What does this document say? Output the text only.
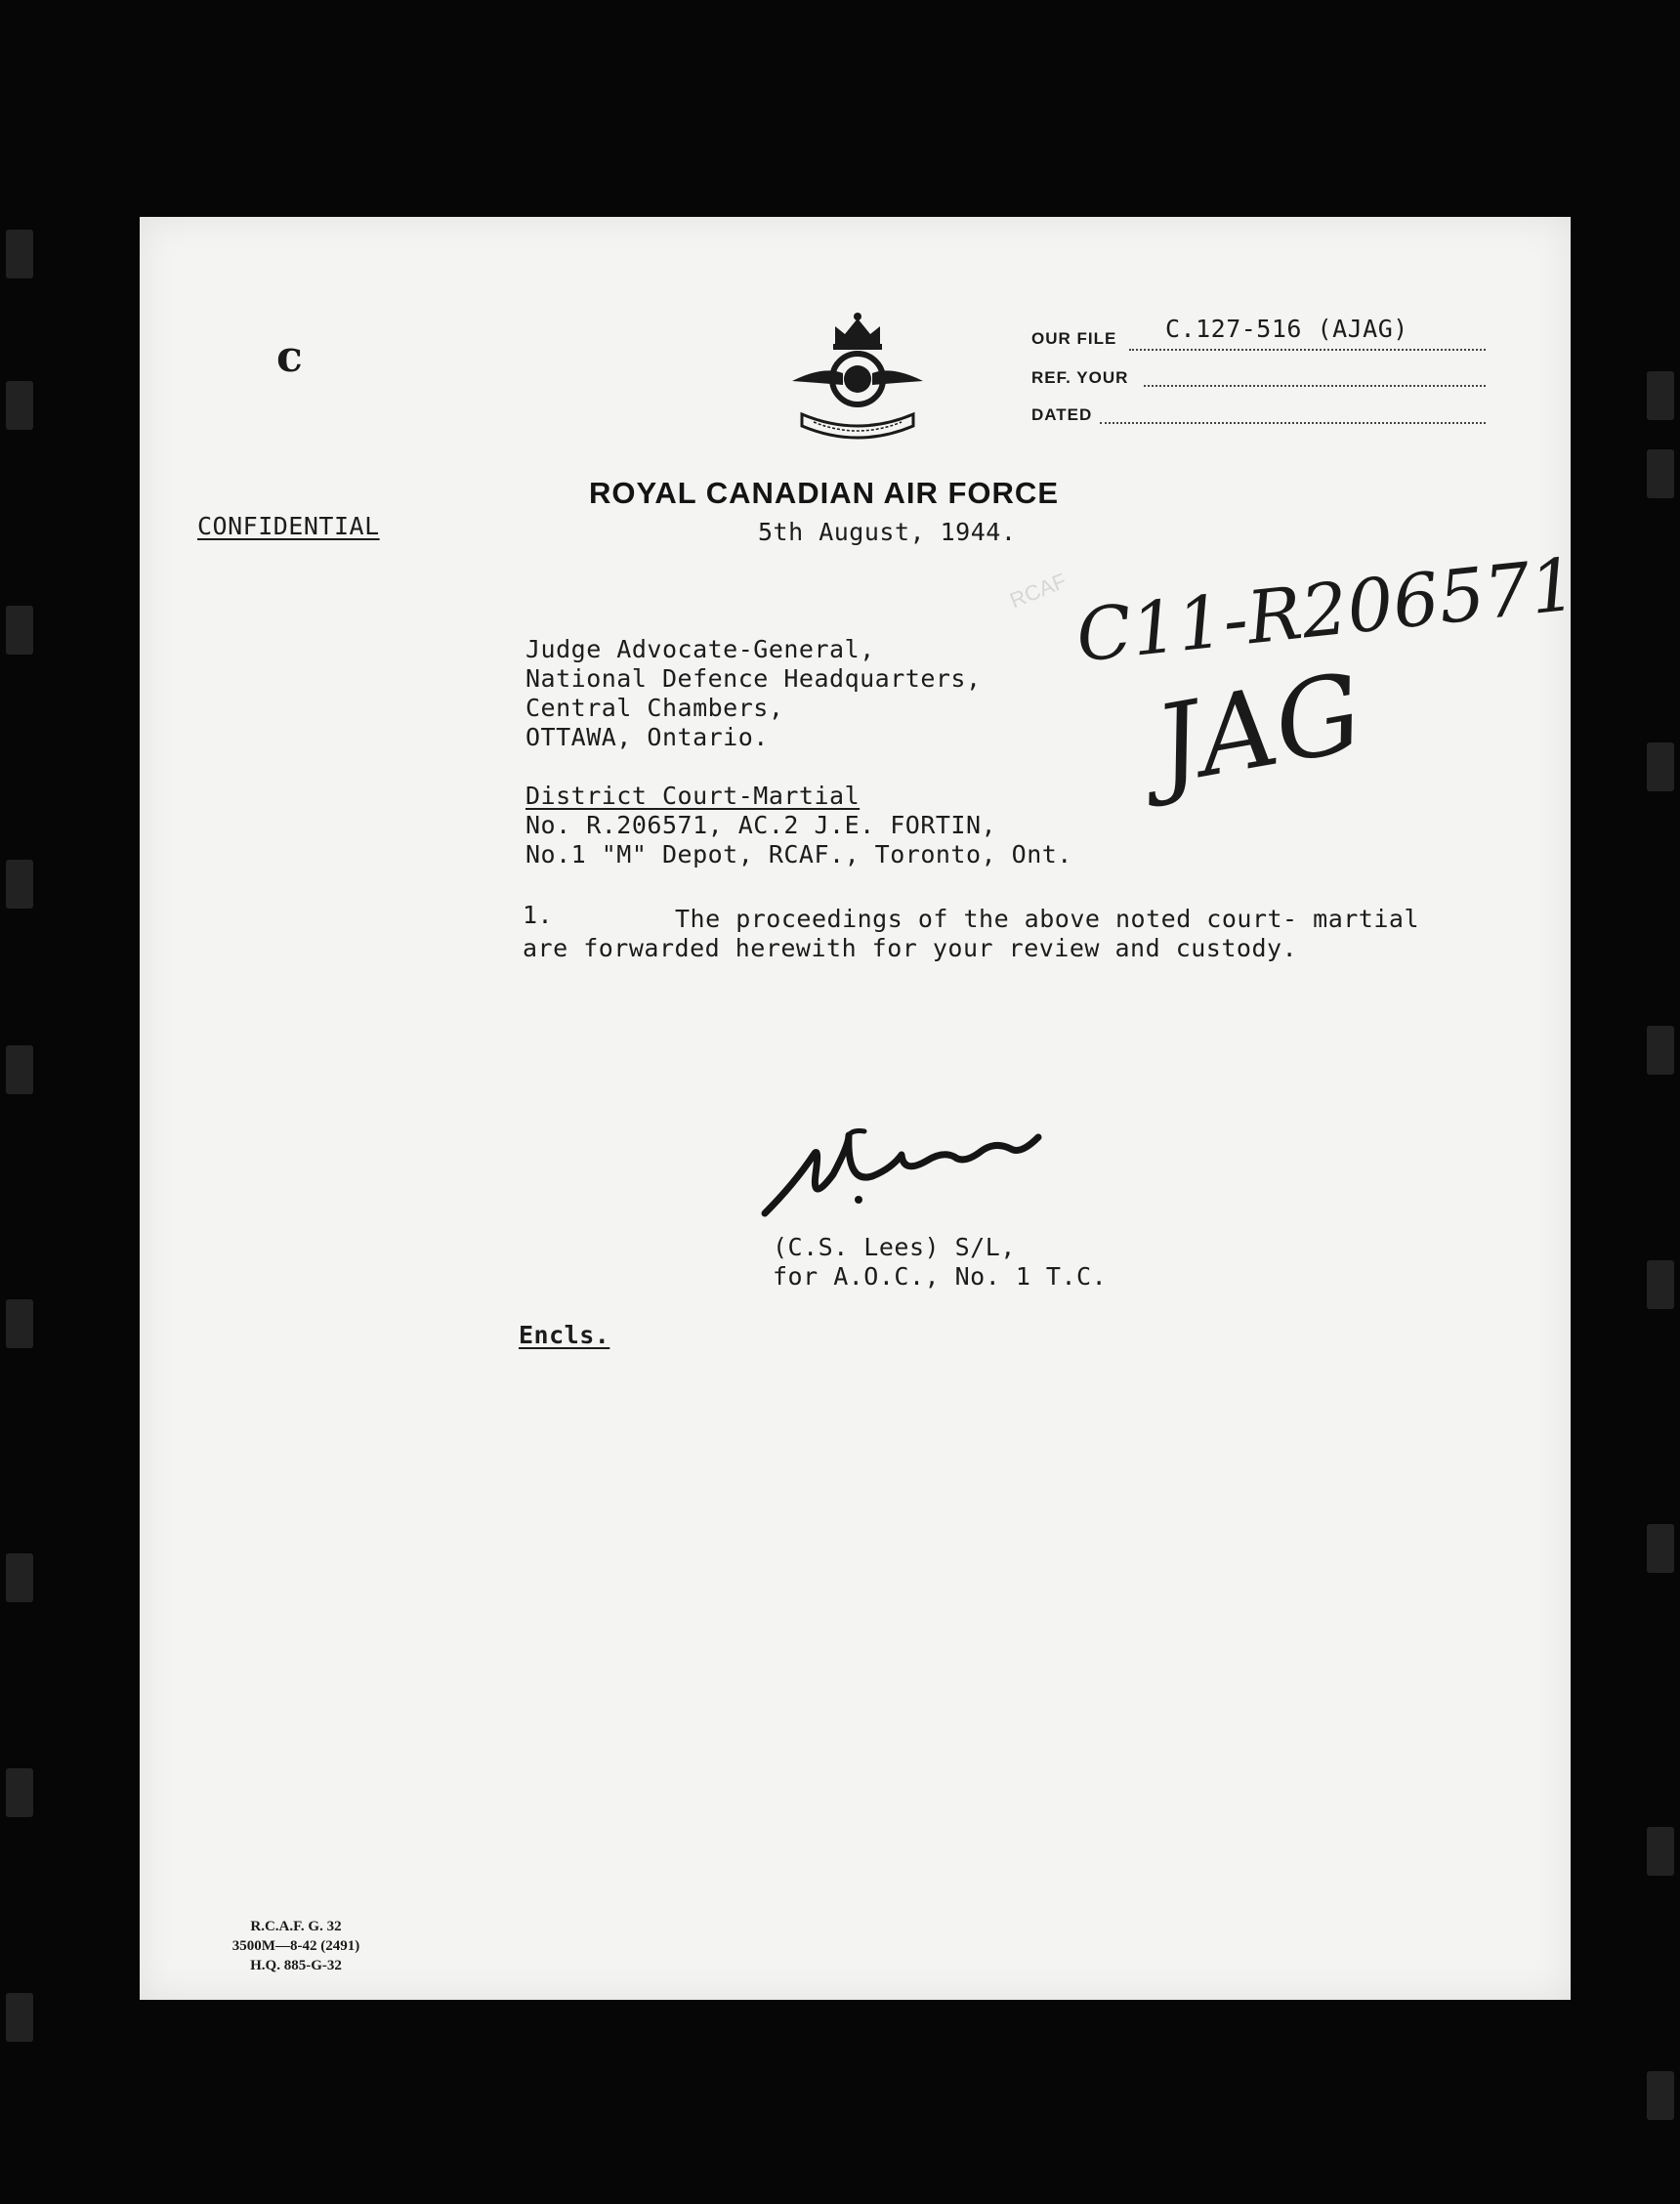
c	OUR FILE C.127-516 (AJAG)
REF. YOUR
DATED
ROYAL CANADIAN AIR FORCE
CONFIDENTIAL	5th August, 1944.
RCAF
Judge Advocate-General,
National Defence Headquarters,
Central Chambers,
OTTAWA, Ontario.
C11-R206571
JAG
District Court-Martial
No. R.206571, AC.2 J.E. FORTIN,
No.1 "M" Depot, RCAF., Toronto, Ont.
1.	The proceedings of the above noted court- martial
are forwarded herewith for your review and custody.
(C.S. Lees) S/L,
for A.O.C., No. 1 T.C.
Encls.
R.C.A.F. G. 32
3500M—8-42 (2491)
H.Q. 885-G-32
